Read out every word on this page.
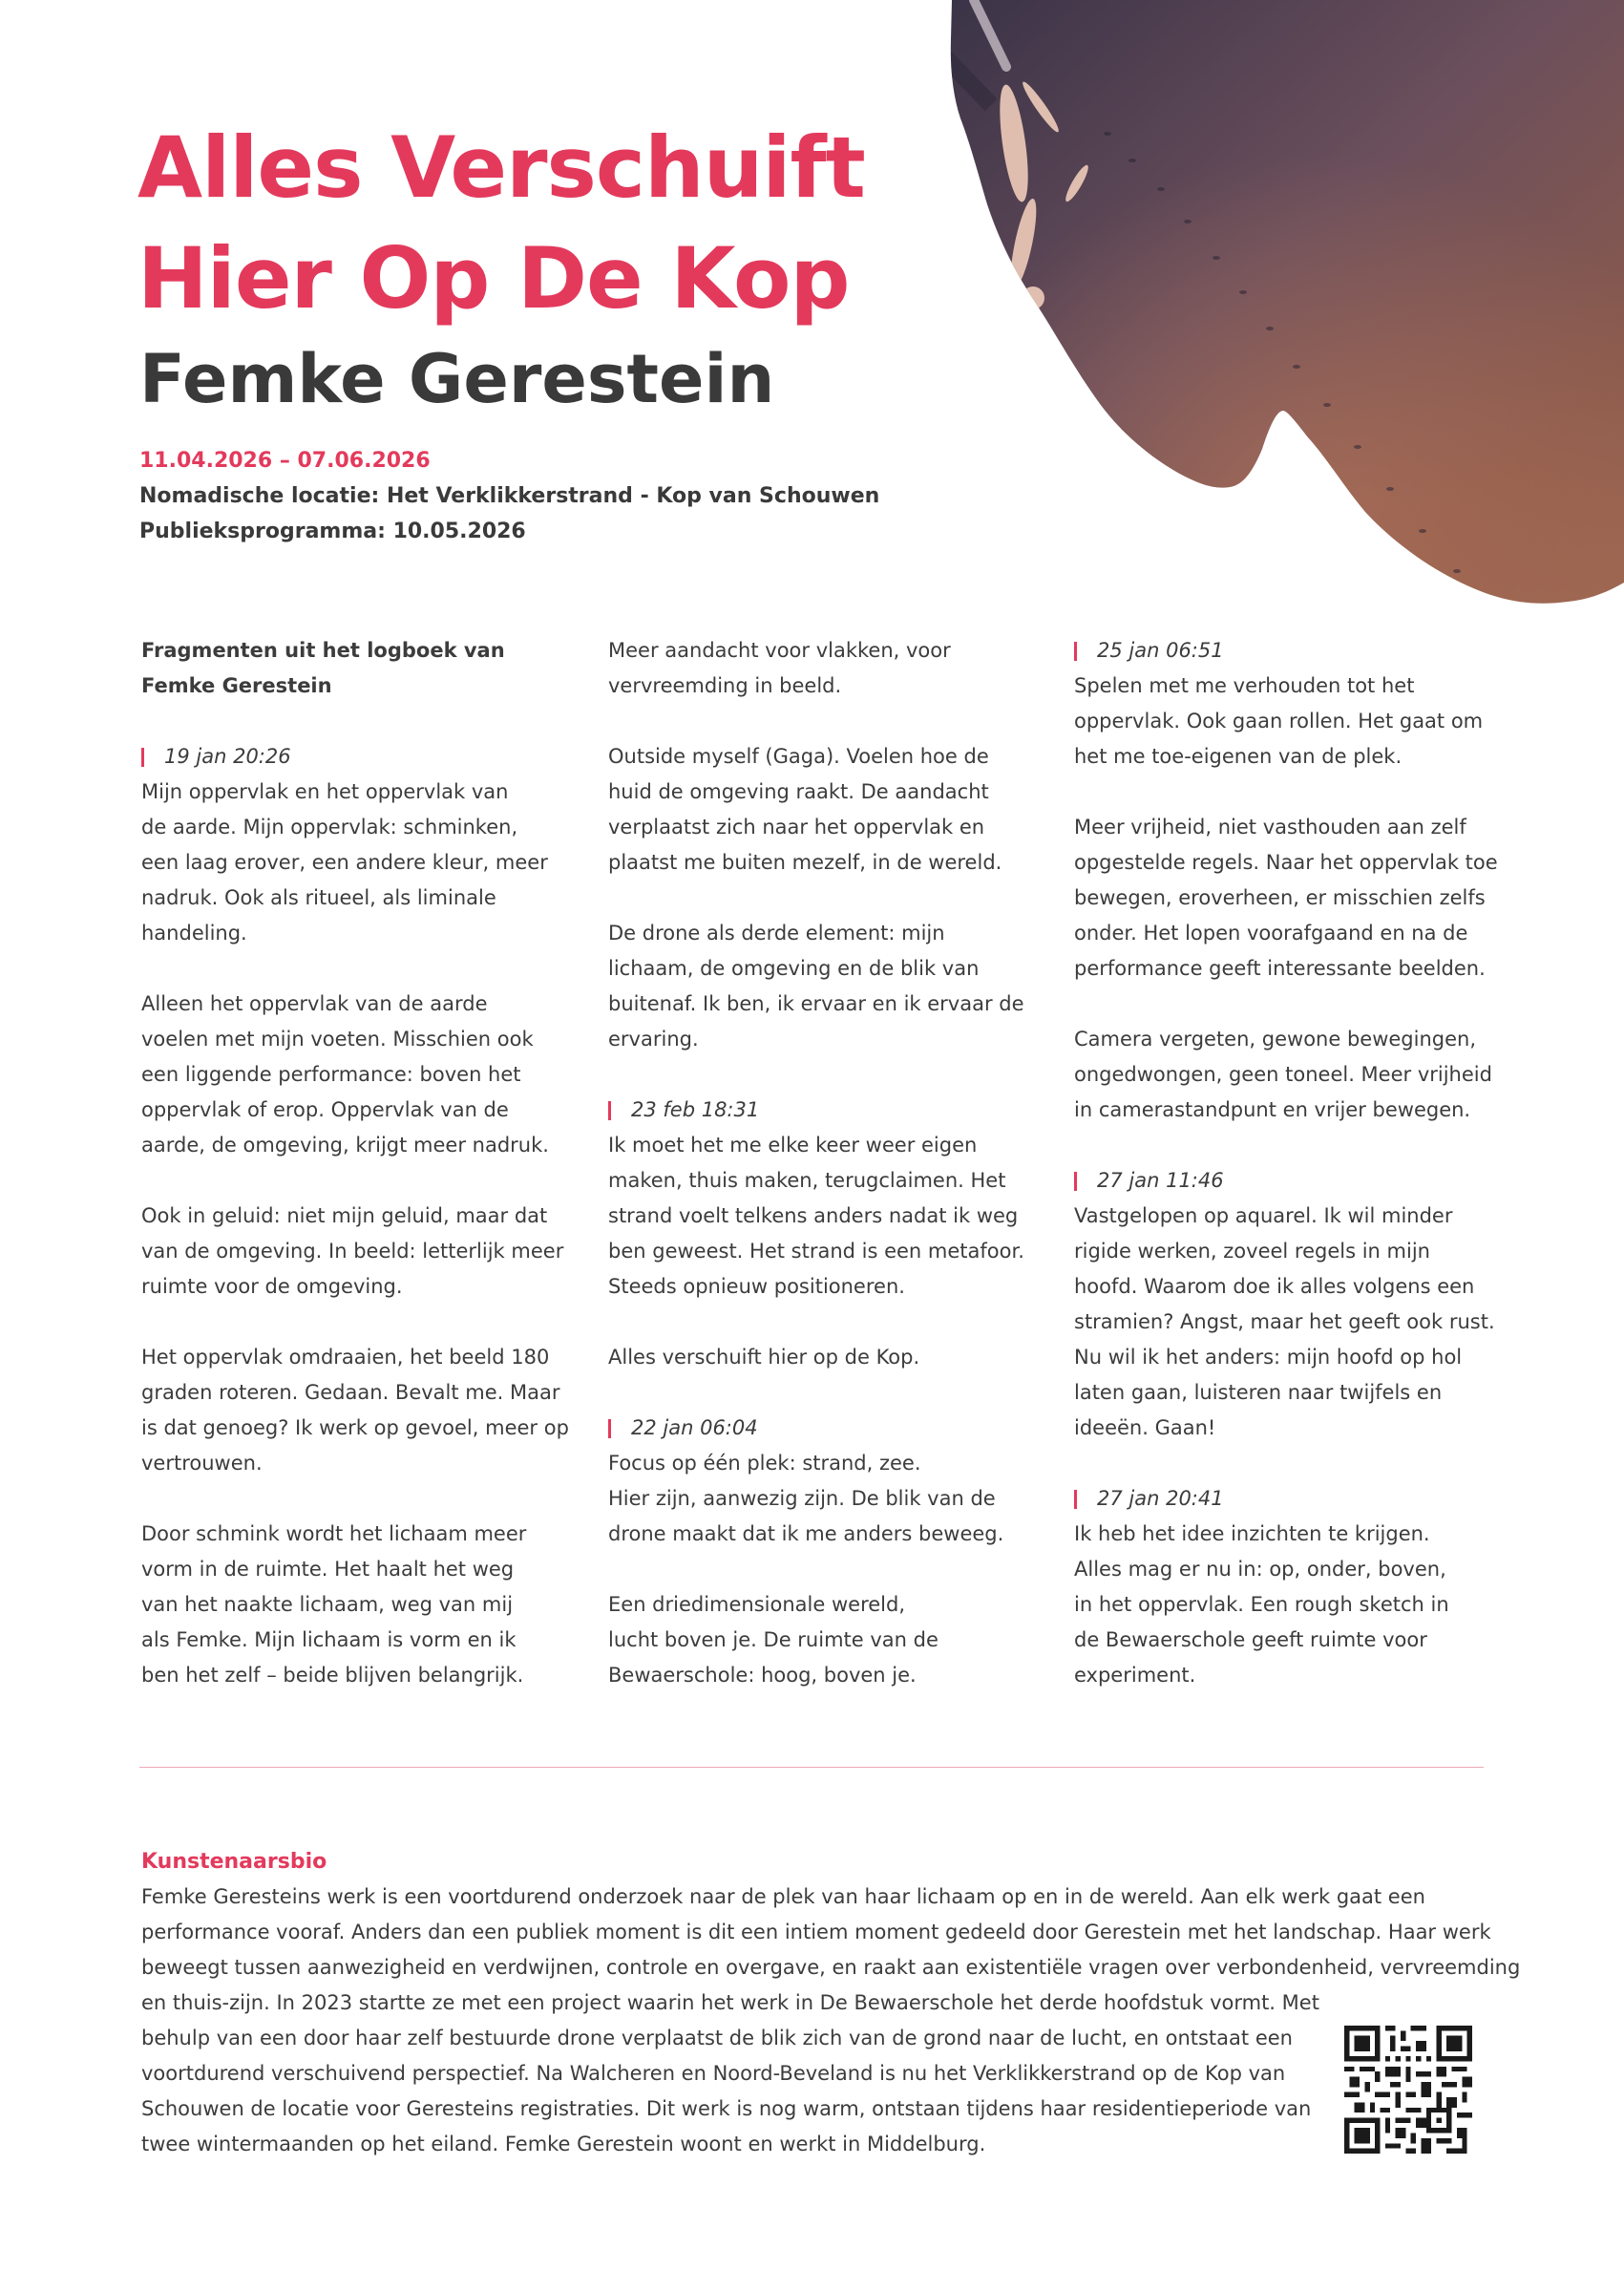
Alles Verschuift
Hier Op De Kop
Femke Gerestein
11.04.2026 – 07.06.2026
Nomadische locatie: Het Verklikkerstrand - Kop van Schouwen
Publieksprogramma: 10.05.2026
Fragmenten uit het logboek van
Femke Gerestein
19 jan 20:26
Mijn oppervlak en het oppervlak van
de aarde. Mijn oppervlak: schminken,
een laag erover, een andere kleur, meer
nadruk. Ook als ritueel, als liminale
handeling.
Alleen het oppervlak van de aarde
voelen met mijn voeten. Misschien ook
een liggende performance: boven het
oppervlak of erop. Oppervlak van de
aarde, de omgeving, krijgt meer nadruk.
Ook in geluid: niet mijn geluid, maar dat
van de omgeving. In beeld: letterlijk meer
ruimte voor de omgeving.
Het oppervlak omdraaien, het beeld 180
graden roteren. Gedaan. Bevalt me. Maar
is dat genoeg? Ik werk op gevoel, meer op
vertrouwen.
Door schmink wordt het lichaam meer
vorm in de ruimte. Het haalt het weg
van het naakte lichaam, weg van mij
als Femke. Mijn lichaam is vorm en ik
ben het zelf – beide blijven belangrijk.
Meer aandacht voor vlakken, voor
vervreemding in beeld.
Outside myself (Gaga). Voelen hoe de
huid de omgeving raakt. De aandacht
verplaatst zich naar het oppervlak en
plaatst me buiten mezelf, in de wereld.
De drone als derde element: mijn
lichaam, de omgeving en de blik van
buitenaf. Ik ben, ik ervaar en ik ervaar de
ervaring.
23 feb 18:31
Ik moet het me elke keer weer eigen
maken, thuis maken, terugclaimen. Het
strand voelt telkens anders nadat ik weg
ben geweest. Het strand is een metafoor.
Steeds opnieuw positioneren.
Alles verschuift hier op de Kop.
22 jan 06:04
Focus op één plek: strand, zee.
Hier zijn, aanwezig zijn. De blik van de
drone maakt dat ik me anders beweeg.
Een driedimensionale wereld,
lucht boven je. De ruimte van de
Bewaerschole: hoog, boven je.
25 jan 06:51
Spelen met me verhouden tot het
oppervlak. Ook gaan rollen. Het gaat om
het me toe-eigenen van de plek.
Meer vrijheid, niet vasthouden aan zelf
opgestelde regels. Naar het oppervlak toe
bewegen, eroverheen, er misschien zelfs
onder. Het lopen voorafgaand en na de
performance geeft interessante beelden.
Camera vergeten, gewone bewegingen,
ongedwongen, geen toneel. Meer vrijheid
in camerastandpunt en vrijer bewegen.
27 jan 11:46
Vastgelopen op aquarel. Ik wil minder
rigide werken, zoveel regels in mijn
hoofd. Waarom doe ik alles volgens een
stramien? Angst, maar het geeft ook rust.
Nu wil ik het anders: mijn hoofd op hol
laten gaan, luisteren naar twijfels en
ideeën. Gaan!
27 jan 20:41
Ik heb het idee inzichten te krijgen.
Alles mag er nu in: op, onder, boven,
in het oppervlak. Een rough sketch in
de Bewaerschole geeft ruimte voor
experiment.

Kunstenaarsbio

Femke Geresteins werk is een voortdurend onderzoek naar de plek van haar lichaam op en in de wereld. Aan elk werk gaat een
performance vooraf. Anders dan een publiek moment is dit een intiem moment gedeeld door Gerestein met het landschap. Haar werk
beweegt tussen aanwezigheid en verdwijnen, controle en overgave, en raakt aan existentiële vragen over verbondenheid, vervreemding
en thuis-zijn. In 2023 startte ze met een project waarin het werk in De Bewaerschole het derde hoofdstuk vormt. Met
behulp van een door haar zelf bestuurde drone verplaatst de blik zich van de grond naar de lucht, en ontstaat een
voortdurend verschuivend perspectief. Na Walcheren en Noord-Beveland is nu het Verklikkerstrand op de Kop van
Schouwen de locatie voor Geresteins registraties. Dit werk is nog warm, ontstaan tijdens haar residentieperiode van
twee wintermaanden op het eiland. Femke Gerestein woont en werkt in Middelburg.
